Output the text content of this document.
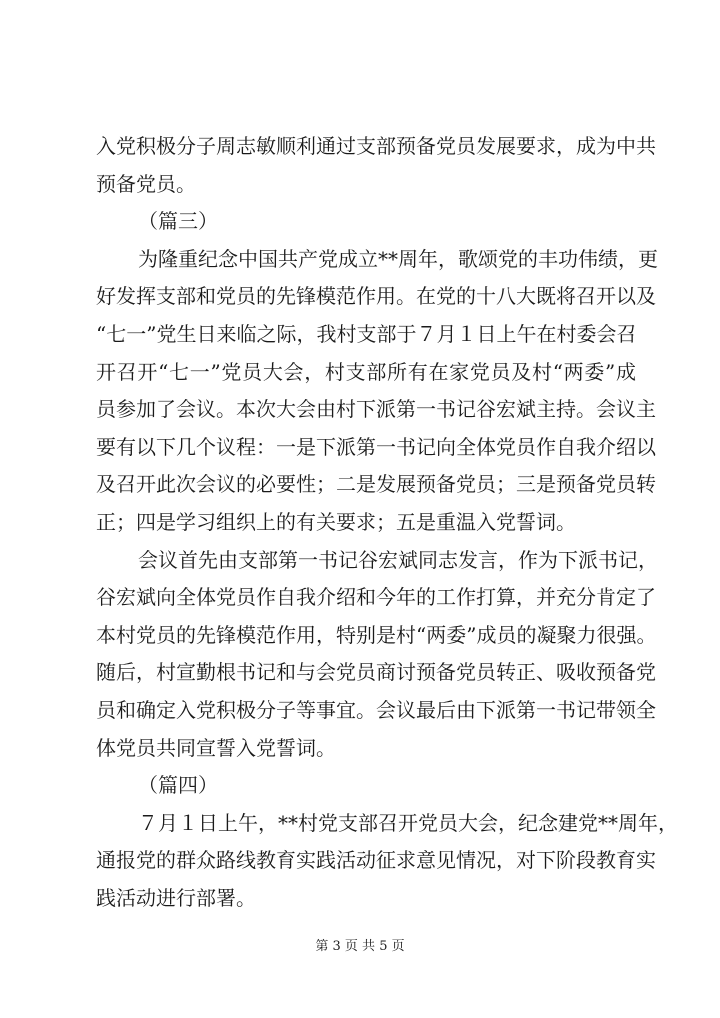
入党积极分子周志敏顺利通过支部预备党员发展要求，成为中共
预备党员。
（篇三）
为隆重纪念中国共产党成立**周年，歌颂党的丰功伟绩，更
好发挥支部和党员的先锋模范作用。在党的十八大既将召开以及
“七一”党生日来临之际，我村支部于７月１日上午在村委会召
开召开“七一”党员大会，村支部所有在家党员及村“两委”成
员参加了会议。本次大会由村下派第一书记谷宏斌主持。会议主
要有以下几个议程：一是下派第一书记向全体党员作自我介绍以
及召开此次会议的必要性；二是发展预备党员；三是预备党员转
正；四是学习组织上的有关要求；五是重温入党誓词。
会议首先由支部第一书记谷宏斌同志发言，作为下派书记，
谷宏斌向全体党员作自我介绍和今年的工作打算，并充分肯定了
本村党员的先锋模范作用，特别是村“两委”成员的凝聚力很强。
随后，村宣勤根书记和与会党员商讨预备党员转正、吸收预备党
员和确定入党积极分子等事宜。会议最后由下派第一书记带领全
体党员共同宣誓入党誓词。
（篇四）
７月１日上午，**村党支部召开党员大会，纪念建党**周年，
通报党的群众路线教育实践活动征求意见情况，对下阶段教育实
践活动进行部署。
第 3 页 共 5 页
